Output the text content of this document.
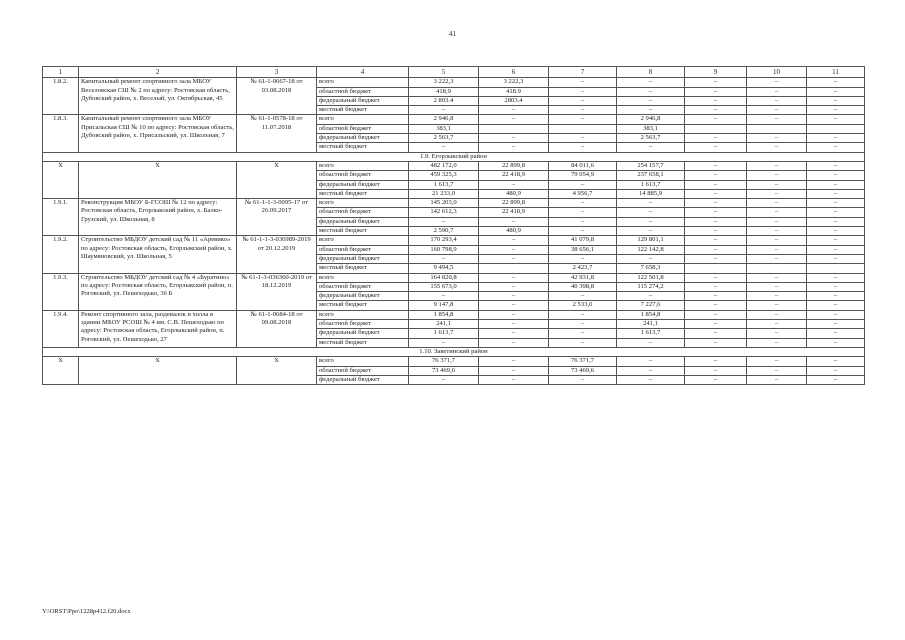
41
1	2	3	4	5	6	7	8	9	10	11
1.8.2.	Капитальный ремонт спортивного зала МБОУ Веселовская СШ № 2 по адресу: Ростовская область, Дубовский район, х. Веселый, ул. Октябрьская, 45	№ 61-1-0667-18 от 03.08.2018	всего	3 222,3	3 222,3	–	–	–	–	–
			областной бюджет	418,9	418.9	–	–	–	–	–
			федеральный бюджет	2 803.4	2803.4	–	–	–	–	–
			местный бюджет	–	–	–	–	–	–	–
1.8.3.	Капитальный ремонт спортивного зала МБОУ Присальская СШ № 10 по адресу: Ростовская область, Дубовский район, х. Присальский, ул. Школьная, 7	№ 61-1-0578-18 от 11.07.2018	всего	2 946,8	–	–	2 946,8	–	–	–
			областной бюджет	383,1			383,1			
			федеральный бюджет	2 563,7	–	–	2 563,7	–	–	–
			местный бюджет	–	–	–	–	–	–	–
1.9. Егорлыкский район										
Х	Х	Х	всего	482 172,0	22 899,8	84 011,6	254 157,7	–	–	–
			областной бюджет	459 325,3	22 418,9	79 054,9	237 658,1	–	–	–
			федеральный бюджет	1 613,7	–	–	1 613,7	–	–	–
			местный бюджет	21 233,0	480,9	4 956,7	14 885,9	–	–	–
1.9.1.	Реконструкция МБОУ Б-ГСОШ № 12 по адресу: Ростовская область, Егорлыкский район, х. Балко-Грузский, ул. Школьная, 8	№ 61-1-1-3-0095-17 от 26.09.2017	всего	145 203,0	22 899,8	–	–	–	–	–
			областной бюджет	142 612,3	22 418,9	–	–	–	–	–
			федеральный бюджет	–	–	–	–	–	–	–
			местный бюджет	2 590,7	480,9	–	–	–	–	–
1.9.2.	Строительство МБДОУ детский сад № 11 «Аревико» по адресу: Ростовская область, Егорлыкский район, х. Шаумяновский, ул. Школьная, 5	№ 61-1-1-3-036989-2019 от 20.12.2019	всего	170 293,4	–	41 079,8	129 801,1	–	–	–
			областной бюджет	160 798,9	–	38 656,1	122 142,8	–	–	–
			федеральный бюджет	–	–	–	–	–	–	–
			местный бюджет	9 494,5		2 423,7	7 658,3			
1.9.3.	Строительство МБДОУ детский сад № 4 «Буратино» по адресу: Ростовская область, Егорлыкский район, п. Роговский, ул. Пешеходько, 36 Б	№ 61-1-3-036360-2019 от 18.12.2019	всего	164 820,8	–	42 931,8	122 501,8	–	–	–
			областной бюджет	155 673,0	–	40 398,8	115 274,2	–	–	–
			федеральный бюджет	–	–	–	–	–	–	–
			местный бюджет	9 147,8	–	2 533,0	7 227,6	–	–	–
1.9.4.	Ремонт спортивного зала, раздевалок и холла в здании МБОУ РСОШ № 4 им. С.В. Пешеходько по адресу: Ростовская область, Егорлыкский район, п. Роговский, ул. Пешеходько, 27	№ 61-1-0684-18 от 09.08.2018	всего	1 854,8	–	–	1 854,8	–	–	–
			областной бюджет	241,1	–	–	241,1	–	–	–
			федеральный бюджет	1 613,7	–	–	1 613,7	–	–	–
			местный бюджет	–	–	–	–	–	–	–
1.10. Заветинский район										
Х	Х	Х	всего	76 371,7	–	76 371,7	–	–	–	–
			областной бюджет	73 469,6	–	73 469,6	–	–	–	–
			федеральный бюджет	–	–	–	–	–	–	–
Y:\ORST\Ppo\1228p412.f20.docx
